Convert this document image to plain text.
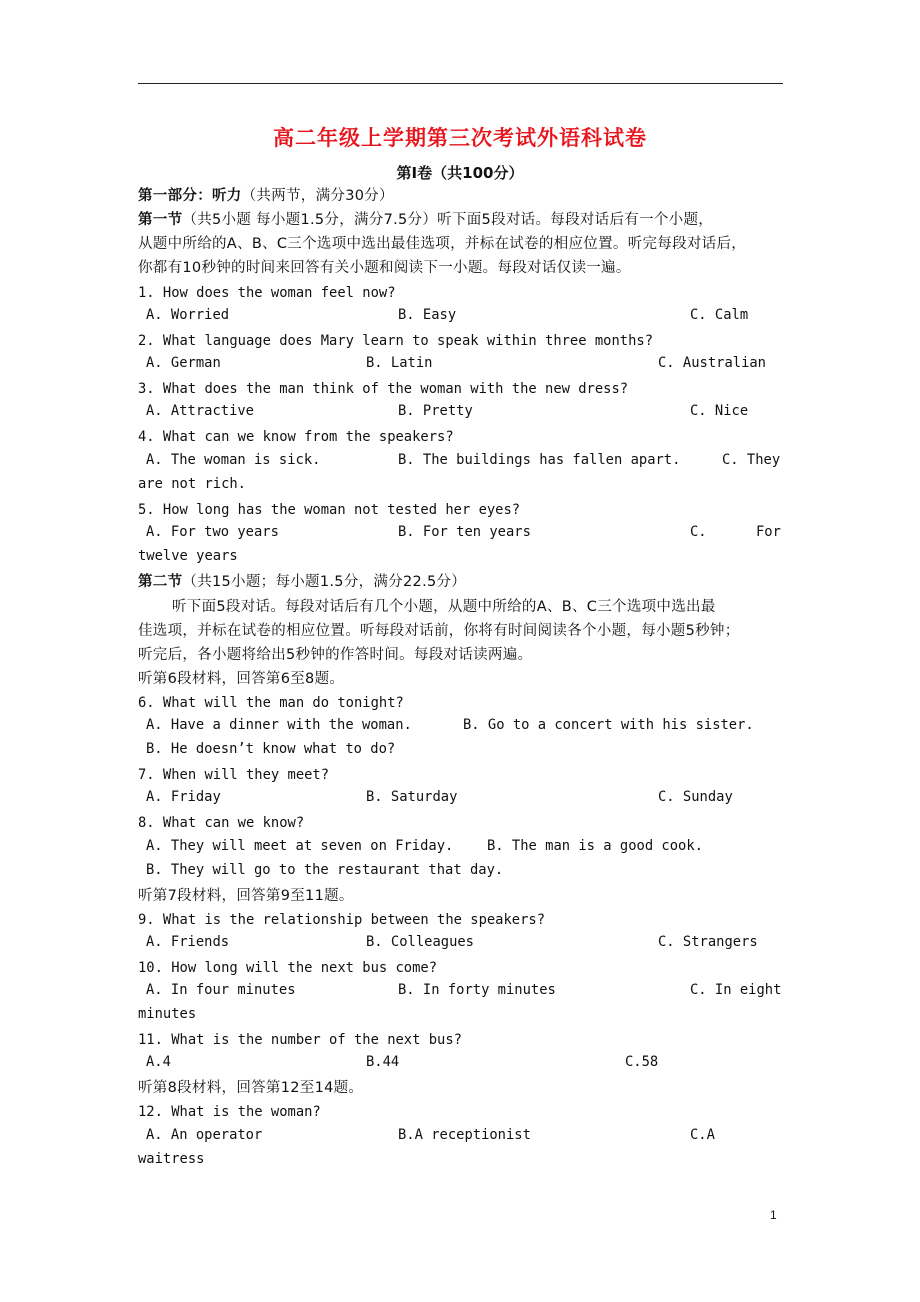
高二年级上学期第三次考试外语科试卷
第Ⅰ卷（共100分）
第一部分：听力（共两节，满分30分）
第一节（共5小题 每小题1.5分，满分7.5分）听下面5段对话。每段对话后有一个小题，
从题中所给的A、B、C三个选项中选出最佳选项，并标在试卷的相应位置。听完每段对话后，
你都有10秒钟的时间来回答有关小题和阅读下一小题。每段对话仅读一遍。
1. How does the woman feel now?
A. Worried	B. Easy	C. Calm
2. What language does Mary learn to speak within three months?
A. German	B. Latin	C. Australian
3. What does the man think of the woman with the new dress?
A. Attractive	B. Pretty	C. Nice
4. What can we know from the speakers?
A. The woman is sick.	B. The buildings has fallen apart.	C. They
are not rich.
5. How long has the woman not tested her eyes?
A. For two years	B. For ten years	C.	For
twelve years
第二节（共15小题；每小题1.5分，满分22.5分）
听下面5段对话。每段对话后有几个小题，从题中所给的A、B、C三个选项中选出最
佳选项，并标在试卷的相应位置。听每段对话前，你将有时间阅读各个小题，每小题5秒钟；
听完后，各小题将给出5秒钟的作答时间。每段对话读两遍。
听第6段材料，回答第6至8题。
6. What will the man do tonight?
A. Have a dinner with the woman.	B. Go to a concert with his sister.
B. He doesn’t know what to do?
7. When will they meet?
A. Friday	B. Saturday	C. Sunday
8. What can we know?
A. They will meet at seven on Friday. B. The man is a good cook.
B. They will go to the restaurant that day.
听第7段材料，回答第9至11题。
9. What is the relationship between the speakers?
A. Friends	B. Colleagues	C. Strangers
10. How long will the next bus come?
A. In four minutes	B. In forty minutes	C. In eight
minutes
11. What is the number of the next bus?
A.4	B.44	C.58
听第8段材料，回答第12至14题。
12. What is the woman?
A. An operator	B.A receptionist	C.A
waitress
1
